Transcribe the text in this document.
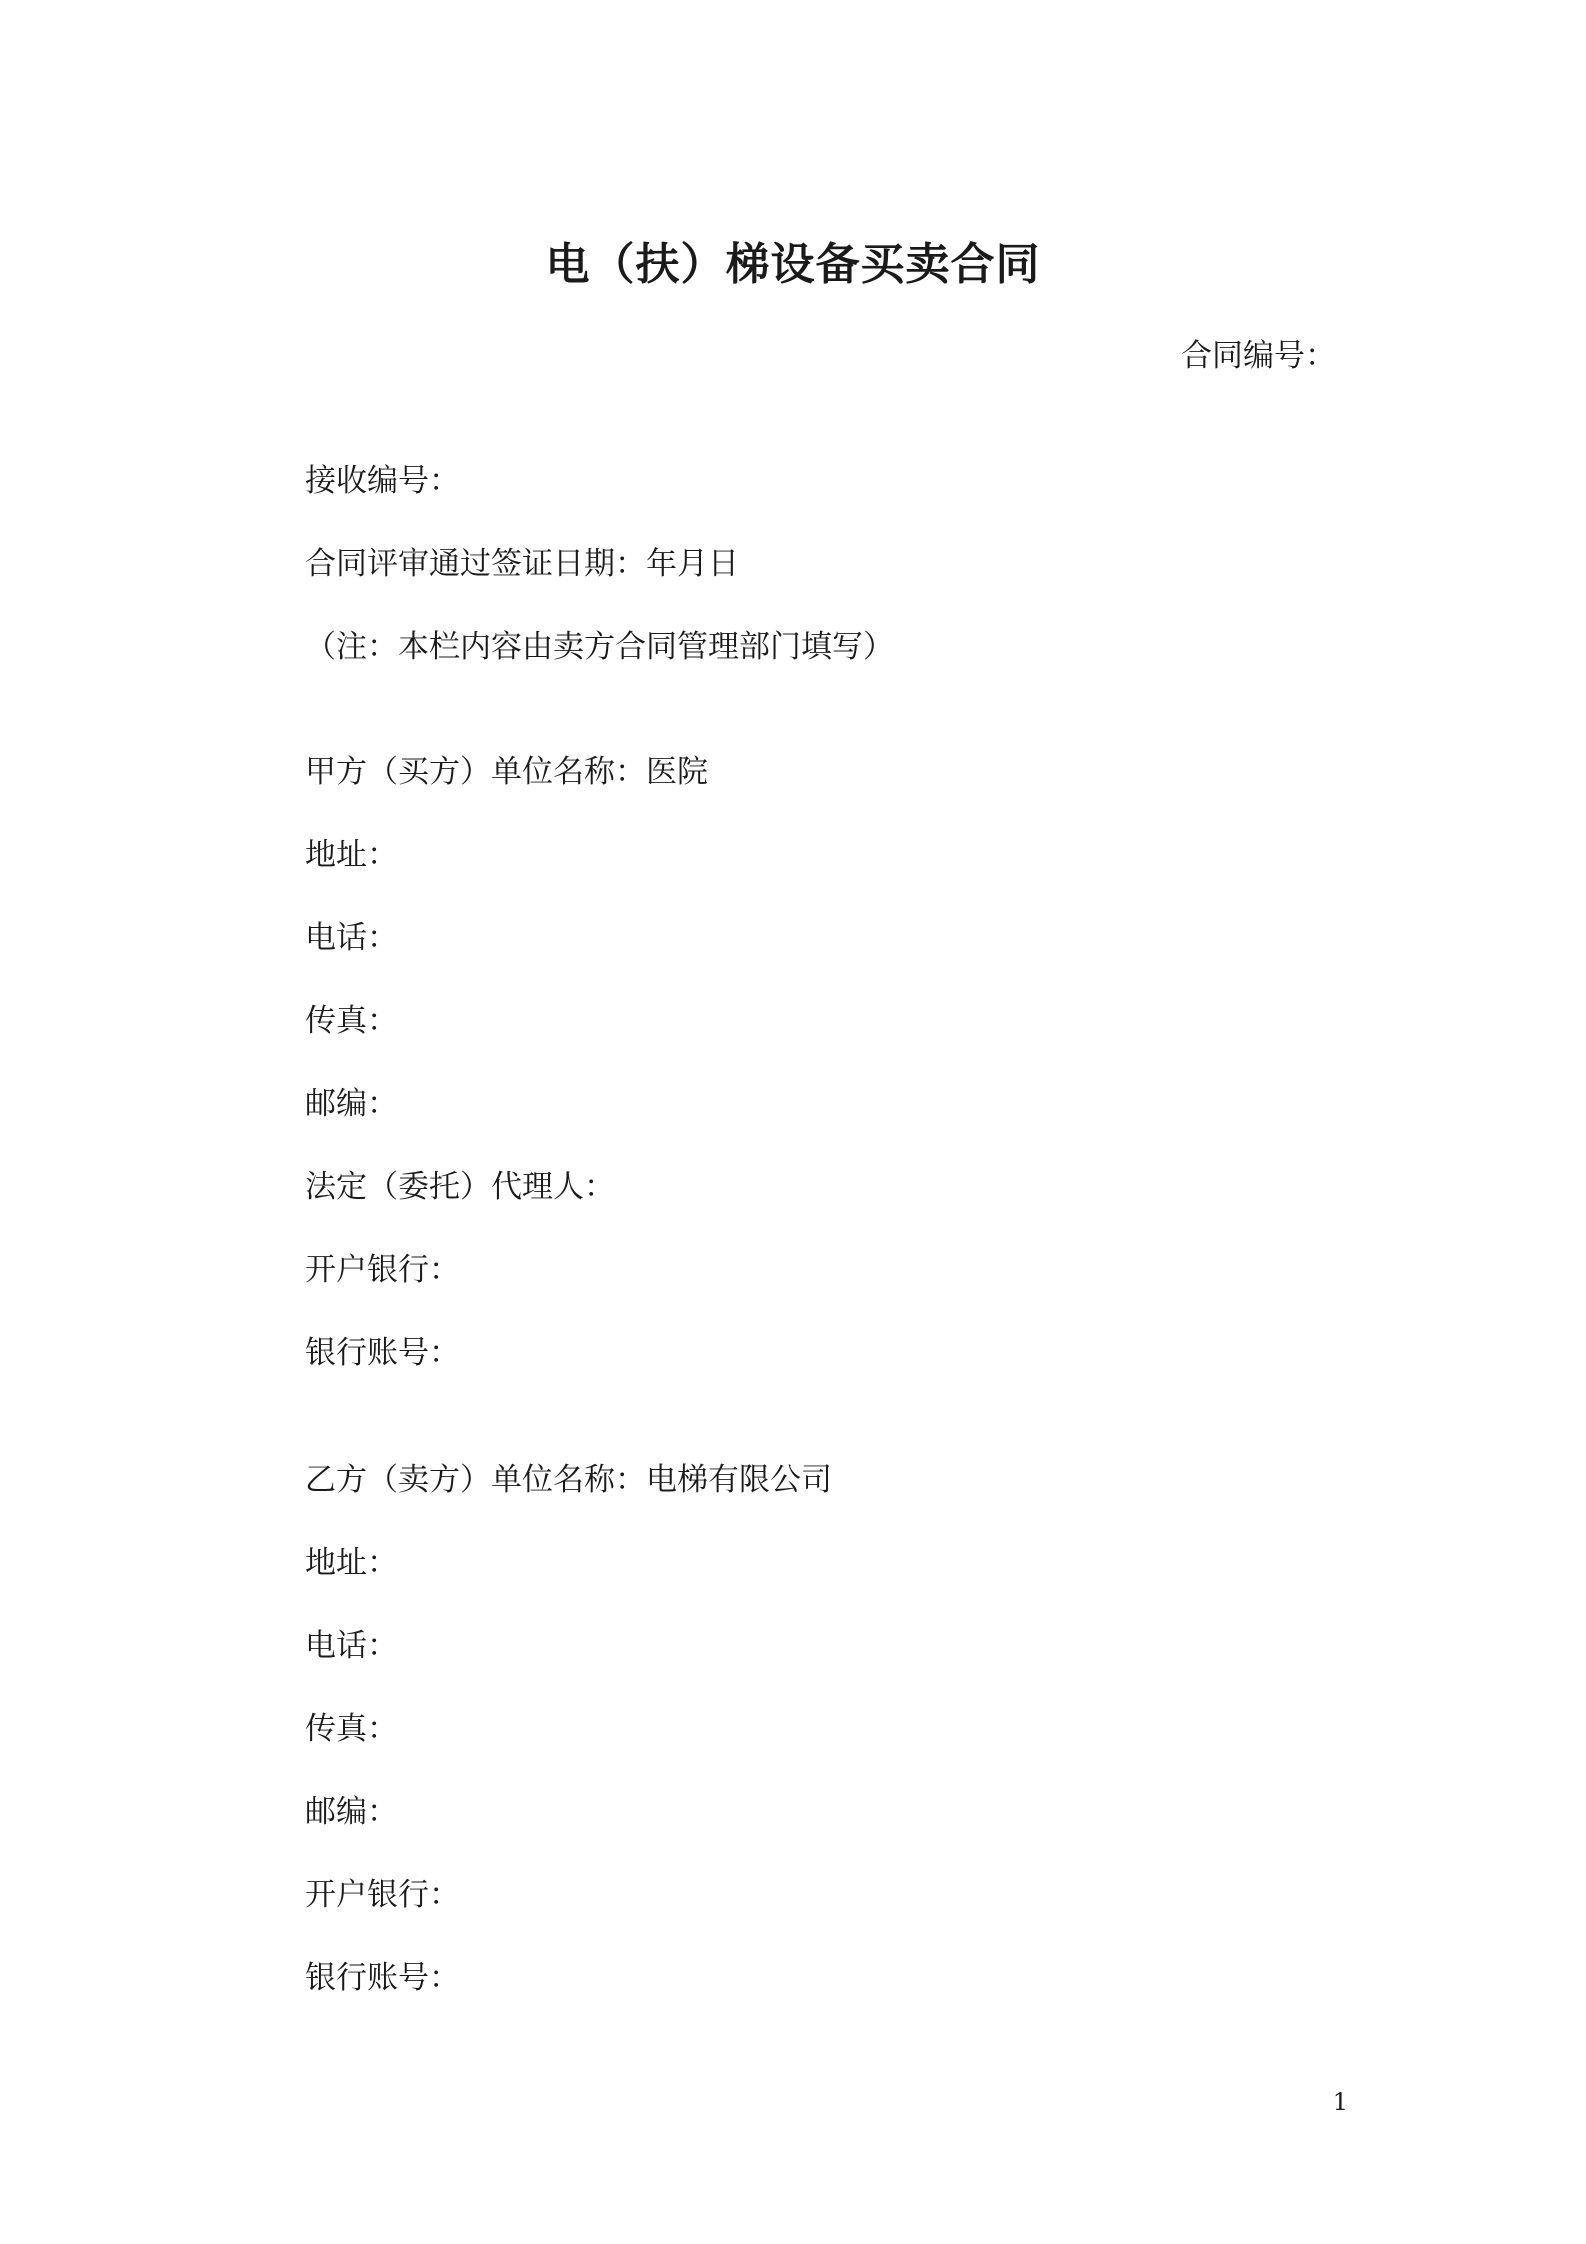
电（扶）梯设备买卖合同

合同编号：

接收编号：

合同评审通过签证日期：年月日

（注：本栏内容由卖方合同管理部门填写）

甲方（买方）单位名称：医院

地址：

电话：

传真：

邮编：

法定（委托）代理人：

开户银行：

银行账号：

乙方（卖方）单位名称：电梯有限公司

地址：

电话：

传真：

邮编：

开户银行：

银行账号：

1
